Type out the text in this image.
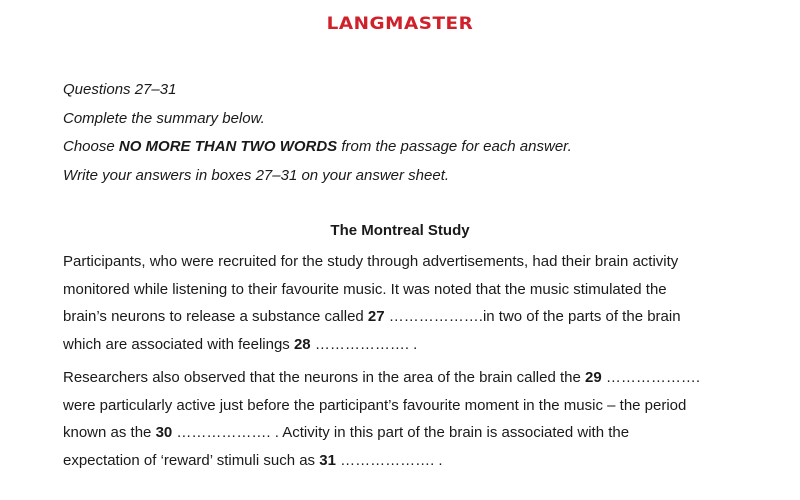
LANGMASTER
Questions 27–31
Complete the summary below.
Choose NO MORE THAN TWO WORDS from the passage for each answer.
Write your answers in boxes 27–31 on your answer sheet.
The Montreal Study
Participants, who were recruited for the study through advertisements, had their brain activity
monitored while listening to their favourite music. It was noted that the music stimulated the
brain’s neurons to release a substance called 27 ……………….in two of the parts of the brain
which are associated with feelings 28 ………………. .
Researchers also observed that the neurons in the area of the brain called the 29 ……………….
were particularly active just before the participant’s favourite moment in the music – the period
known as the 30 ………………. . Activity in this part of the brain is associated with the
expectation of ‘reward’ stimuli such as 31 ………………. .
